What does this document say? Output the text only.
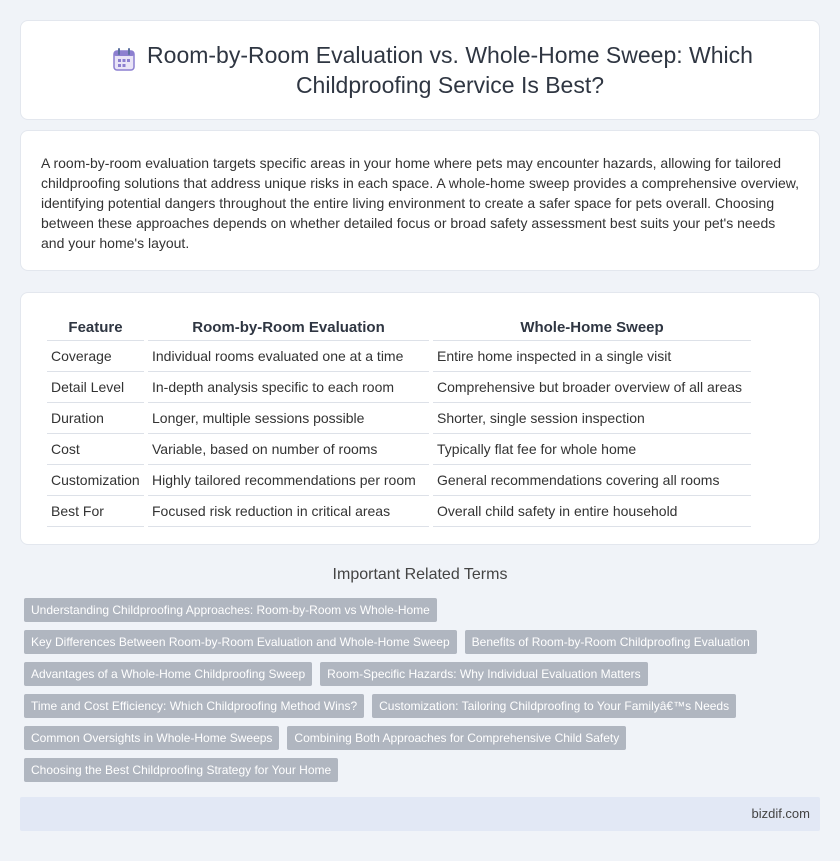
Room-by-Room Evaluation vs. Whole-Home Sweep: Which Childproofing Service Is Best?

A room-by-room evaluation targets specific areas in your home where pets may encounter hazards, allowing for tailored childproofing solutions that address unique risks in each space. A whole-home sweep provides a comprehensive overview, identifying potential dangers throughout the entire living environment to create a safer space for pets overall. Choosing between these approaches depends on whether detailed focus or broad safety assessment best suits your pet's needs and your home's layout.

Feature	Room-by-Room Evaluation	Whole-Home Sweep
Coverage	Individual rooms evaluated one at a time	Entire home inspected in a single visit
Detail Level	In-depth analysis specific to each room	Comprehensive but broader overview of all areas
Duration	Longer, multiple sessions possible	Shorter, single session inspection
Cost	Variable, based on number of rooms	Typically flat fee for whole home
Customization	Highly tailored recommendations per room	General recommendations covering all rooms
Best For	Focused risk reduction in critical areas	Overall child safety in entire household
Important Related Terms
Understanding Childproofing Approaches: Room-by-Room vs Whole-Home
Key Differences Between Room-by-Room Evaluation and Whole-Home Sweep	Benefits of Room-by-Room Childproofing Evaluation
Advantages of a Whole-Home Childproofing Sweep	Room-Specific Hazards: Why Individual Evaluation Matters
Time and Cost Efficiency: Which Childproofing Method Wins?	Customization: Tailoring Childproofing to Your Familyâ€™s Needs
Common Oversights in Whole-Home Sweeps	Combining Both Approaches for Comprehensive Child Safety
Choosing the Best Childproofing Strategy for Your Home
bizdif.com
